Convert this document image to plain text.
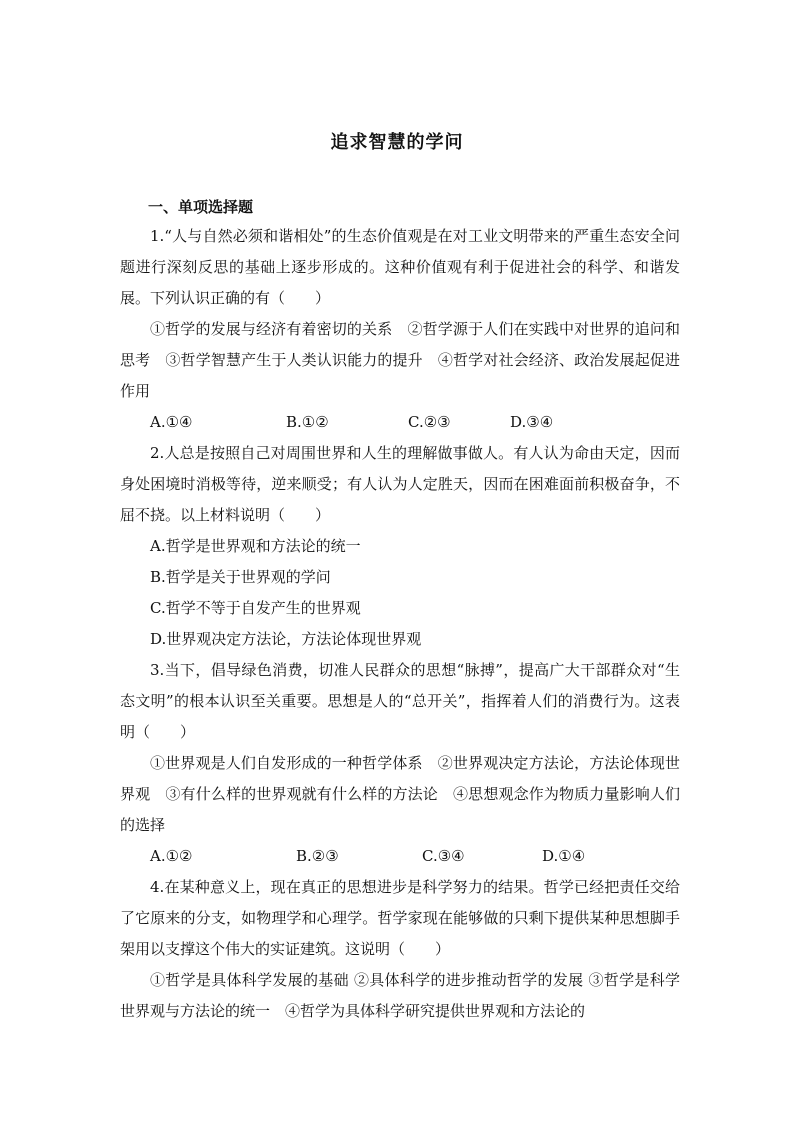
追求智慧的学问
一、单项选择题

1.“人与自然必须和谐相处”的生态价值观是在对工业文明带来的严重生态安全问题进行深刻反思的基础上逐步形成的。这种价值观有利于促进社会的科学、和谐发展。下列认识正确的有（　　）

①哲学的发展与经济有着密切的关系　②哲学源于人们在实践中对世界的追问和思考　③哲学智慧产生于人类认识能力的提升　④哲学对社会经济、政治发展起促进作用

A.①④	B.①②	C.②③	D.③④

2.人总是按照自己对周围世界和人生的理解做事做人。有人认为命由天定，因而身处困境时消极等待，逆来顺受；有人认为人定胜天，因而在困难面前积极奋争，不屈不挠。以上材料说明（　　）

A.哲学是世界观和方法论的统一

B.哲学是关于世界观的学问

C.哲学不等于自发产生的世界观

D.世界观决定方法论，方法论体现世界观

3.当下，倡导绿色消费，切准人民群众的思想“脉搏”，提高广大干部群众对“生态文明”的根本认识至关重要。思想是人的“总开关”，指挥着人们的消费行为。这表明（　　）

①世界观是人们自发形成的一种哲学体系　②世界观决定方法论，方法论体现世界观　③有什么样的世界观就有什么样的方法论　④思想观念作为物质力量影响人们的选择

A.①②	B.②③	C.③④	D.①④

4.在某种意义上，现在真正的思想进步是科学努力的结果。哲学已经把责任交给了它原来的分支，如物理学和心理学。哲学家现在能够做的只剩下提供某种思想脚手架用以支撑这个伟大的实证建筑。这说明（　　）

①哲学是具体科学发展的基础 ②具体科学的进步推动哲学的发展 ③哲学是科学世界观与方法论的统一　④哲学为具体科学研究提供世界观和方法论的
